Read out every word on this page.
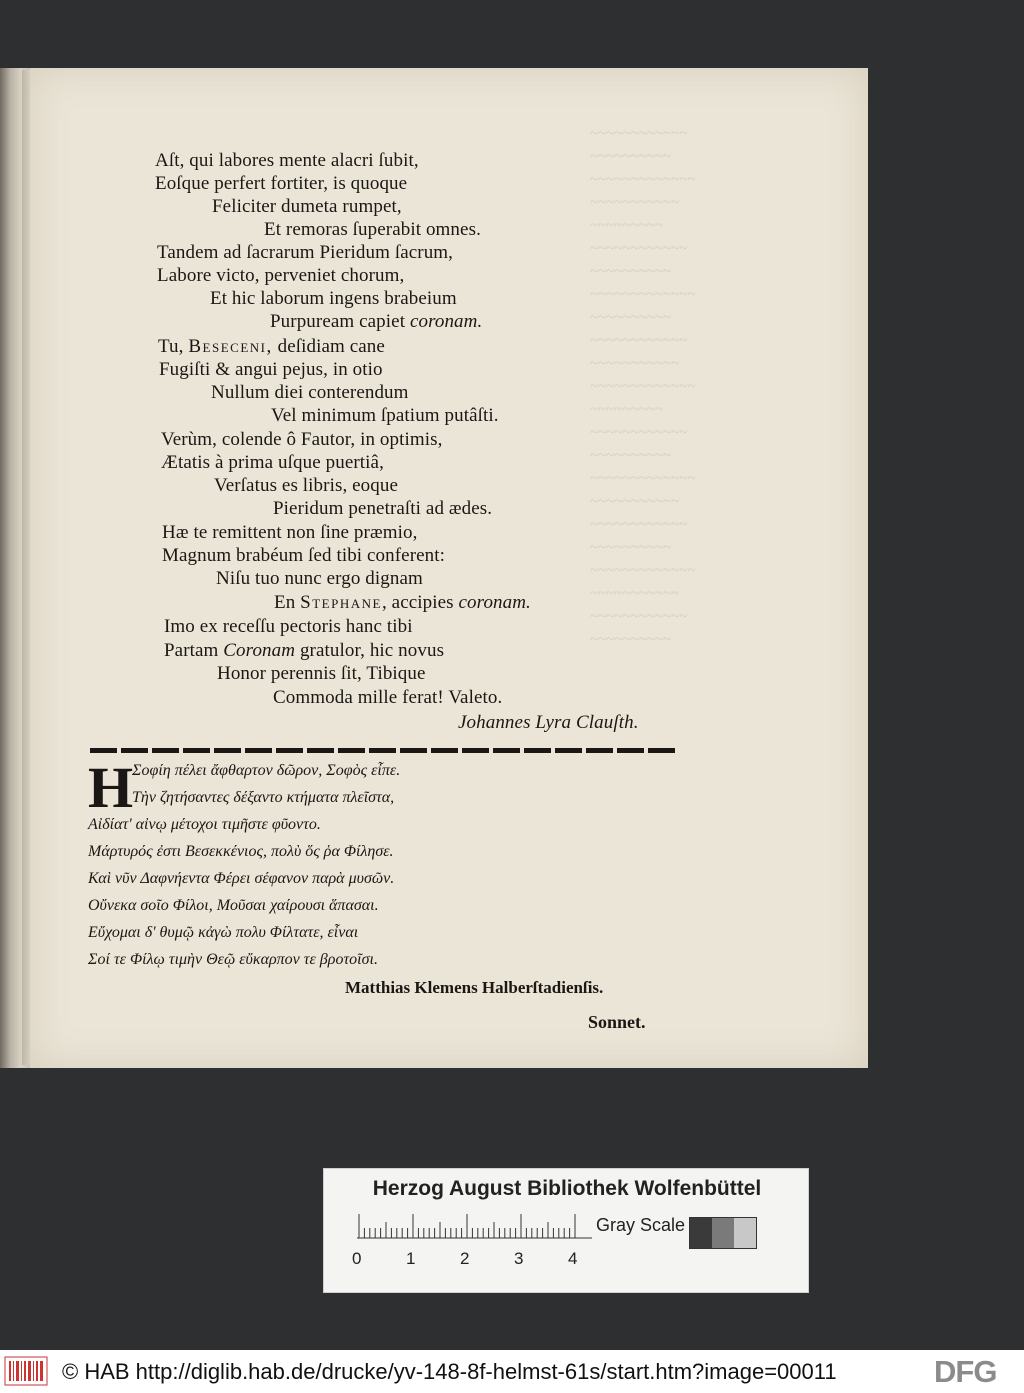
~~~~~~~~~~~~
~~~~~~~~~~
~~~~~~~~~~~~~
~~~~~~~~~~~
~~~~~~~~~
~~~~~~~~~~~~
~~~~~~~~~~
~~~~~~~~~~~~~
~~~~~~~~~~
~~~~~~~~~~~~
~~~~~~~~~~~
~~~~~~~~~~~~~
~~~~~~~~~
~~~~~~~~~~~~
~~~~~~~~~~
~~~~~~~~~~~~~
~~~~~~~~~~~
~~~~~~~~~~~~
~~~~~~~~~~
~~~~~~~~~~~~~
~~~~~~~~~~~
~~~~~~~~~~~~
~~~~~~~~~~
Aſt, qui labores mente alacri ſubit,
Eoſque perfert fortiter, is quoque
Feliciter dumeta rumpet,
Et remoras ſuperabit omnes.
Tandem ad ſacrarum Pieridum ſacrum,
Labore victo, perveniet chorum,
Et hic laborum ingens brabeium
Purpuream capiet coronam.
Tu, Beseceni, deſidiam cane
Fugiſti & angui pejus, in otio
Nullum diei conterendum
Vel minimum ſpatium putâſti.
Verùm, colende ô Fautor, in optimis,
Ætatis à prima uſque puertiâ,
Verſatus es libris, eoque
Pieridum penetraſti ad ædes.
Hæ te remittent non ſine præmio,
Magnum brabéum ſed tibi conferent:
Niſu tuo nunc ergo dignam
En Stephane, accipies coronam.
Imo ex receſſu pectoris hanc tibi
Partam Coronam gratulor, hic novus
Honor perennis ſit, Tibique
Commoda mille ferat! Valeto.
Johannes Lyra Clauſth.
H
Σοφίη πέλει ἄφθαρτον δῶρον, Σοφὸς εἶπε.
Τὴν ζητήσαντες δέξαντο κτήματα πλεῖστα,
Αἰδίατ' αἰνῳ μέτοχοι τιμῆστε φῦοντο.
Μάρτυρός ἐστι Βεσεκκένιος, πολὺ ὅς ῥα Φίλησε.
Καὶ νῦν Δαφνήεντα Φέρει σέφανον παρὰ μυσῶν.
Οὔνεκα σοῖο Φίλοι, Μοῦσαι χαίρουσι ἅπασαι.
Εὔχομαι δ' θυμῷ κἀγὼ πολυ Φίλτατε, εἶναι
Σοί τε Φίλῳ τιμὴν Θεῷ εὔκαρπον τε βροτοῖσι.
Matthias Klemens Halberſtadienſis.
Sonnet.
Herzog August Bibliothek Wolfenbüttel
0	1	2	3	4
Gray Scale
© HAB http://diglib.hab.de/drucke/yv-148-8f-helmst-61s/start.htm?image=00011	DFG
